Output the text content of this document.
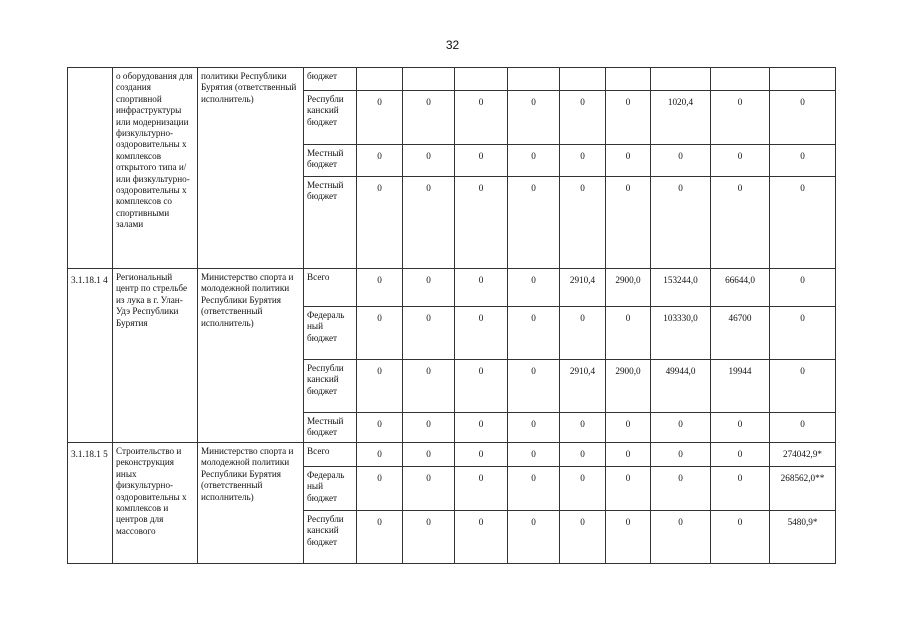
32
	о оборудования для создания спортивной инфраструктуры или модернизации физкультурно-оздоровительны х комплексов открытого типа и/или физкультурно-оздоровительны х комплексов со спортивными залами	политики Республики Бурятия (ответственный исполнитель)	бюджет									
			Республи канский бюджет	0	0	0	0	0	0	1020,4	0	0
			Местный бюджет	0	0	0	0	0	0	0	0	0
			Местный бюджет	0	0	0	0	0	0	0	0	0
3.1.18.1 4	Региональный центр по стрельбе из лука в г. Улан-Удэ Республики Бурятия	Министерство спорта и молодежной политики Республики Бурятия (ответственный исполнитель)	Всего	0	0	0	0	2910,4	2900,0	153244,0	66644,0	0
			Федераль ный бюджет	0	0	0	0	0	0	103330,0	46700	0
			Республи канский бюджет	0	0	0	0	2910,4	2900,0	49944,0	19944	0
			Местный бюджет	0	0	0	0	0	0	0	0	0
3.1.18.1 5	Строительство и реконструкция иных физкультурно-оздоровительны х комплексов и центров для массового	Министерство спорта и молодежной политики Республики Бурятия (ответственный исполнитель)	Всего	0	0	0	0	0	0	0	0	274042,9*
			Федераль ный бюджет	0	0	0	0	0	0	0	0	268562,0**
			Республи канский бюджет	0	0	0	0	0	0	0	0	5480,9*
